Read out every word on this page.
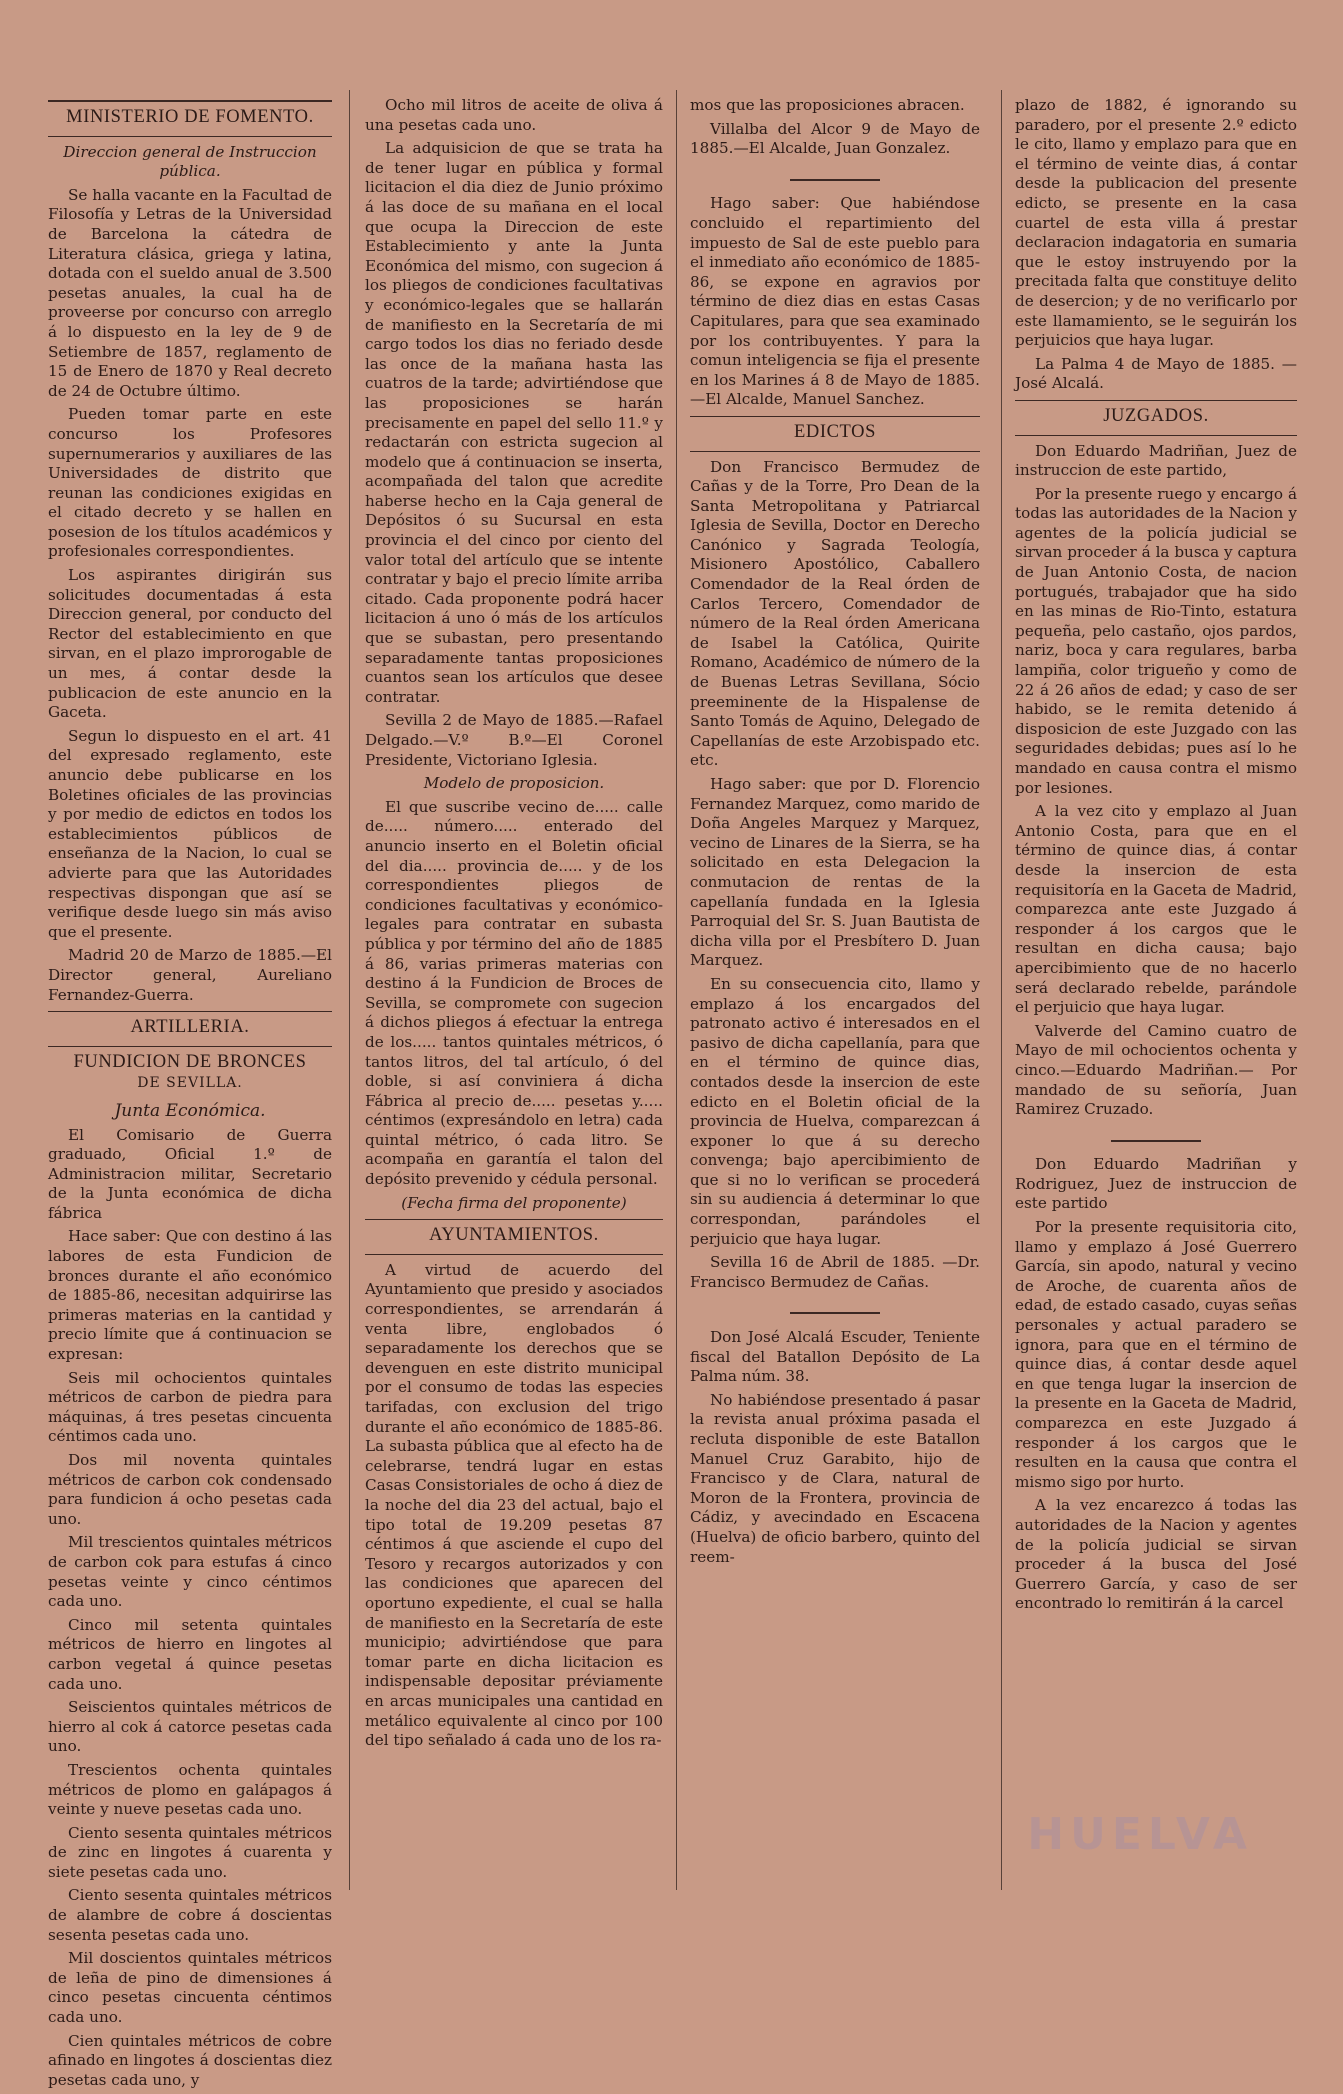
MINISTERIO DE FOMENTO.

Direccion general de Instruccion pública.

Se halla vacante en la Facultad de Filosofía y Letras de la Universidad de Barcelona la cátedra de Literatura clásica, griega y latina, dotada con el sueldo anual de 3.500 pesetas anuales, la cual ha de proveerse por concurso con arreglo á lo dispuesto en la ley de 9 de Setiembre de 1857, reglamento de 15 de Enero de 1870 y Real decreto de 24 de Octubre último.

Pueden tomar parte en este concurso los Profesores supernumerarios y auxiliares de las Universidades de distrito que reunan las condiciones exigidas en el citado decreto y se hallen en posesion de los títulos académicos y profesionales correspondientes.

Los aspirantes dirigirán sus solicitudes documentadas á esta Direccion general, por conducto del Rector del establecimiento en que sirvan, en el plazo improrogable de un mes, á contar desde la publicacion de este anuncio en la Gaceta.

Segun lo dispuesto en el art. 41 del expresado reglamento, este anuncio debe publicarse en los Boletines oficiales de las provincias y por medio de edictos en todos los establecimientos públicos de enseñanza de la Nacion, lo cual se advierte para que las Autoridades respectivas dispongan que así se verifique desde luego sin más aviso que el presente.

Madrid 20 de Marzo de 1885.—El Director general, Aureliano Fernandez-Guerra.

ARTILLERIA.
FUNDICION DE BRONCES
DE SEVILLA.

Junta Económica.

El Comisario de Guerra graduado, Oficial 1.º de Administracion militar, Secretario de la Junta económica de dicha fábrica

Hace saber: Que con destino á las labores de esta Fundicion de bronces durante el año económico de 1885-86, necesitan adquirirse las primeras materias en la cantidad y precio límite que á continuacion se expresan:

Seis mil ochocientos quintales métricos de carbon de piedra para máquinas, á tres pesetas cincuenta céntimos cada uno.

Dos mil noventa quintales métricos de carbon cok condensado para fundicion á ocho pesetas cada uno.

Mil trescientos quintales métricos de carbon cok para estufas á cinco pesetas veinte y cinco céntimos cada uno.

Cinco mil setenta quintales métricos de hierro en lingotes al carbon vegetal á quince pesetas cada uno.

Seiscientos quintales métricos de hierro al cok á catorce pesetas cada uno.

Trescientos ochenta quintales métricos de plomo en galápagos á veinte y nueve pesetas cada uno.

Ciento sesenta quintales métricos de zinc en lingotes á cuarenta y siete pesetas cada uno.

Ciento sesenta quintales métricos de alambre de cobre á doscientas sesenta pesetas cada uno.

Mil doscientos quintales métricos de leña de pino de dimensiones á cinco pesetas cincuenta céntimos cada uno.

Cien quintales métricos de cobre afinado en lingotes á doscientas diez pesetas cada uno, y

Ocho mil litros de aceite de oliva á una pesetas cada uno.

La adquisicion de que se trata ha de tener lugar en pública y formal licitacion el dia diez de Junio próximo á las doce de su mañana en el local que ocupa la Direccion de este Establecimiento y ante la Junta Económica del mismo, con sugecion á los pliegos de condiciones facultativas y económico-legales que se hallarán de manifiesto en la Secretaría de mi cargo todos los dias no feriado desde las once de la mañana hasta las cuatros de la tarde; advirtiéndose que las proposiciones se harán precisamente en papel del sello 11.º y redactarán con estricta sugecion al modelo que á continuacion se inserta, acompañada del talon que acredite haberse hecho en la Caja general de Depósitos ó su Sucursal en esta provincia el del cinco por ciento del valor total del artículo que se intente contratar y bajo el precio límite arriba citado. Cada proponente podrá hacer licitacion á uno ó más de los artículos que se subastan, pero presentando separadamente tantas proposiciones cuantos sean los artículos que desee contratar.

Sevilla 2 de Mayo de 1885.—Rafael Delgado.—V.º B.º—El Coronel Presidente, Victoriano Iglesia.

Modelo de proposicion.

El que suscribe vecino de..... calle de..... número..... enterado del anuncio inserto en el Boletin oficial del dia..... provincia de..... y de los correspondientes pliegos de condiciones facultativas y económico-legales para contratar en subasta pública y por término del año de 1885 á 86, varias primeras materias con destino á la Fundicion de Broces de Sevilla, se compromete con sugecion á dichos pliegos á efectuar la entrega de los..... tantos quintales métricos, ó tantos litros, del tal artículo, ó del doble, si así conviniera á dicha Fábrica al precio de..... pesetas y..... céntimos (expresándolo en letra) cada quintal métrico, ó cada litro. Se acompaña en garantía el talon del depósito prevenido y cédula personal.

(Fecha firma del proponente)

AYUNTAMIENTOS.

A virtud de acuerdo del Ayuntamiento que presido y asociados correspondientes, se arrendarán á venta libre, englobados ó separadamente los derechos que se devenguen en este distrito municipal por el consumo de todas las especies tarifadas, con exclusion del trigo durante el año económico de 1885-86. La subasta pública que al efecto ha de celebrarse, tendrá lugar en estas Casas Consistoriales de ocho á diez de la noche del dia 23 del actual, bajo el tipo total de 19.209 pesetas 87 céntimos á que asciende el cupo del Tesoro y recargos autorizados y con las condiciones que aparecen del oportuno expediente, el cual se halla de manifiesto en la Secretaría de este municipio; advirtiéndose que para tomar parte en dicha licitacion es indispensable depositar préviamente en arcas municipales una cantidad en metálico equivalente al cinco por 100 del tipo señalado á cada uno de los ra-

mos que las proposiciones abracen.

Villalba del Alcor 9 de Mayo de 1885.—El Alcalde, Juan Gonzalez.

Hago saber: Que habiéndose concluido el repartimiento del impuesto de Sal de este pueblo para el inmediato año económico de 1885-86, se expone en agravios por término de diez dias en estas Casas Capitulares, para que sea examinado por los contribuyentes. Y para la comun inteligencia se fija el presente en los Marines á 8 de Mayo de 1885.—El Alcalde, Manuel Sanchez.

EDICTOS

Don Francisco Bermudez de Cañas y de la Torre, Pro Dean de la Santa Metropolitana y Patriarcal Iglesia de Sevilla, Doctor en Derecho Canónico y Sagrada Teología, Misionero Apostólico, Caballero Comendador de la Real órden de Carlos Tercero, Comendador de número de la Real órden Americana de Isabel la Católica, Quirite Romano, Académico de número de la de Buenas Letras Sevillana, Sócio preeminente de la Hispalense de Santo Tomás de Aquino, Delegado de Capellanías de este Arzobispado etc. etc.

Hago saber: que por D. Florencio Fernandez Marquez, como marido de Doña Angeles Marquez y Marquez, vecino de Linares de la Sierra, se ha solicitado en esta Delegacion la conmutacion de rentas de la capellanía fundada en la Iglesia Parroquial del Sr. S. Juan Bautista de dicha villa por el Presbítero D. Juan Marquez.

En su consecuencia cito, llamo y emplazo á los encargados del patronato activo é interesados en el pasivo de dicha capellanía, para que en el término de quince dias, contados desde la insercion de este edicto en el Boletin oficial de la provincia de Huelva, comparezcan á exponer lo que á su derecho convenga; bajo apercibimiento de que si no lo verifican se procederá sin su audiencia á determinar lo que correspondan, parándoles el perjuicio que haya lugar.

Sevilla 16 de Abril de 1885. —Dr. Francisco Bermudez de Cañas.

Don José Alcalá Escuder, Teniente fiscal del Batallon Depósito de La Palma núm. 38.

No habiéndose presentado á pasar la revista anual próxima pasada el recluta disponible de este Batallon Manuel Cruz Garabito, hijo de Francisco y de Clara, natural de Moron de la Frontera, provincia de Cádiz, y avecindado en Escacena (Huelva) de oficio barbero, quinto del reem-

plazo de 1882, é ignorando su paradero, por el presente 2.º edicto le cito, llamo y emplazo para que en el término de veinte dias, á contar desde la publicacion del presente edicto, se presente en la casa cuartel de esta villa á prestar declaracion indagatoria en sumaria que le estoy instruyendo por la precitada falta que constituye delito de desercion; y de no verificarlo por este llamamiento, se le seguirán los perjuicios que haya lugar.

La Palma 4 de Mayo de 1885. —José Alcalá.

JUZGADOS.

Don Eduardo Madriñan, Juez de instruccion de este partido,

Por la presente ruego y encargo á todas las autoridades de la Nacion y agentes de la policía judicial se sirvan proceder á la busca y captura de Juan Antonio Costa, de nacion portugués, trabajador que ha sido en las minas de Rio-Tinto, estatura pequeña, pelo castaño, ojos pardos, nariz, boca y cara regulares, barba lampiña, color trigueño y como de 22 á 26 años de edad; y caso de ser habido, se le remita detenido á disposicion de este Juzgado con las seguridades debidas; pues así lo he mandado en causa contra el mismo por lesiones.

A la vez cito y emplazo al Juan Antonio Costa, para que en el término de quince dias, á contar desde la insercion de esta requisitoría en la Gaceta de Madrid, comparezca ante este Juzgado á responder á los cargos que le resultan en dicha causa; bajo apercibimiento que de no hacerlo será declarado rebelde, parándole el perjuicio que haya lugar.

Valverde del Camino cuatro de Mayo de mil ochocientos ochenta y cinco.—Eduardo Madriñan.— Por mandado de su señoría, Juan Ramirez Cruzado.

Don Eduardo Madriñan y Rodriguez, Juez de instruccion de este partido

Por la presente requisitoria cito, llamo y emplazo á José Guerrero García, sin apodo, natural y vecino de Aroche, de cuarenta años de edad, de estado casado, cuyas señas personales y actual paradero se ignora, para que en el término de quince dias, á contar desde aquel en que tenga lugar la insercion de la presente en la Gaceta de Madrid, comparezca en este Juzgado á responder á los cargos que le resulten en la causa que contra el mismo sigo por hurto.

A la vez encarezco á todas las autoridades de la Nacion y agentes de la policía judicial se sirvan proceder á la busca del José Guerrero García, y caso de ser encontrado lo remitirán á la carcel

HUELVA
